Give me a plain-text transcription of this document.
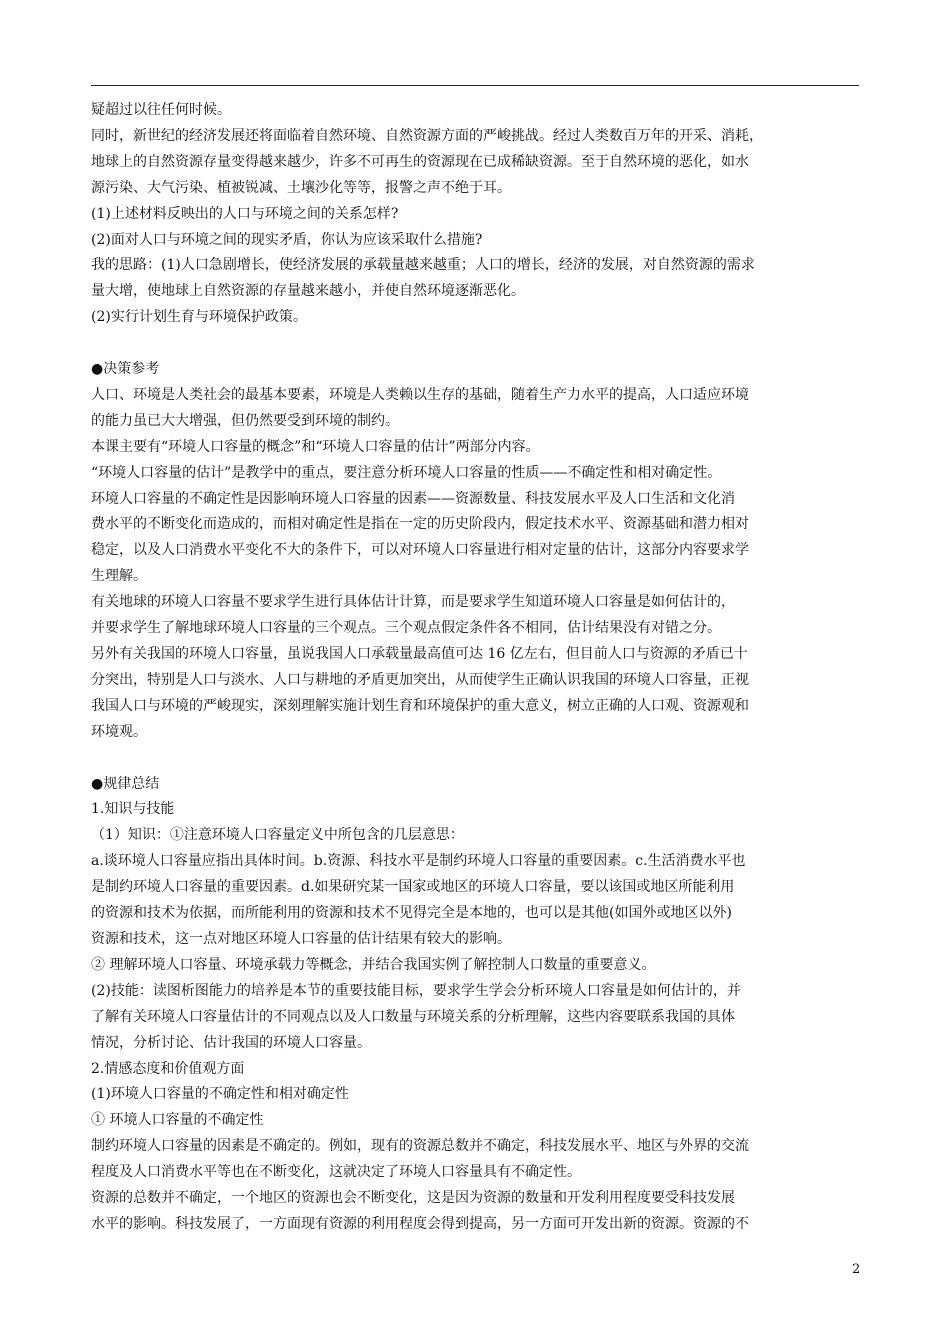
疑超过以往任何时候。

同时，新世纪的经济发展还将面临着自然环境、自然资源方面的严峻挑战。经过人类数百万年的开采、消耗，
地球上的自然资源存量变得越来越少，许多不可再生的资源现在已成稀缺资源。至于自然环境的恶化，如水
源污染、大气污染、植被锐减、土壤沙化等等，报警之声不绝于耳。

(1)上述材料反映出的人口与环境之间的关系怎样?

(2)面对人口与环境之间的现实矛盾，你认为应该采取什么措施?

我的思路：(1)人口急剧增长，使经济发展的承载量越来越重；人口的增长，经济的发展，对自然资源的需求
量大增，使地球上自然资源的存量越来越小，并使自然环境逐渐恶化。

(2)实行计划生育与环境保护政策。

●决策参考

人口、环境是人类社会的最基本要素，环境是人类赖以生存的基础，随着生产力水平的提高，人口适应环境
的能力虽已大大增强，但仍然要受到环境的制约。

本课主要有“环境人口容量的概念”和“环境人口容量的估计”两部分内容。

“环境人口容量的估计”是教学中的重点，要注意分析环境人口容量的性质——不确定性和相对确定性。

环境人口容量的不确定性是因影响环境人口容量的因素——资源数量、科技发展水平及人口生活和文化消
费水平的不断变化而造成的，而相对确定性是指在一定的历史阶段内，假定技术水平、资源基础和潜力相对
稳定，以及人口消费水平变化不大的条件下，可以对环境人口容量进行相对定量的估计，这部分内容要求学
生理解。

有关地球的环境人口容量不要求学生进行具体估计计算，而是要求学生知道环境人口容量是如何估计的，
并要求学生了解地球环境人口容量的三个观点。三个观点假定条件各不相同，估计结果没有对错之分。

另外有关我国的环境人口容量，虽说我国人口承载量最高值可达 16 亿左右，但目前人口与资源的矛盾已十
分突出，特别是人口与淡水、人口与耕地的矛盾更加突出，从而使学生正确认识我国的环境人口容量，正视
我国人口与环境的严峻现实，深刻理解实施计划生育和环境保护的重大意义，树立正确的人口观、资源观和
环境观。

●规律总结

1.知识与技能

（1）知识：①注意环境人口容量定义中所包含的几层意思：

a.谈环境人口容量应指出具体时间。b.资源、科技水平是制约环境人口容量的重要因素。c.生活消费水平也
是制约环境人口容量的重要因素。d.如果研究某一国家或地区的环境人口容量，要以该国或地区所能利用
的资源和技术为依据，而所能利用的资源和技术不见得完全是本地的，也可以是其他(如国外或地区以外)
资源和技术，这一点对地区环境人口容量的估计结果有较大的影响。

② 理解环境人口容量、环境承载力等概念，并结合我国实例了解控制人口数量的重要意义。

(2)技能：读图析图能力的培养是本节的重要技能目标，要求学生学会分析环境人口容量是如何估计的，并
了解有关环境人口容量估计的不同观点以及人口数量与环境关系的分析理解，这些内容要联系我国的具体
情况，分析讨论、估计我国的环境人口容量。

2.情感态度和价值观方面

(1)环境人口容量的不确定性和相对确定性

① 环境人口容量的不确定性

制约环境人口容量的因素是不确定的。例如，现有的资源总数并不确定，科技发展水平、地区与外界的交流
程度及人口消费水平等也在不断变化，这就决定了环境人口容量具有不确定性。

资源的总数并不确定，一个地区的资源也会不断变化，这是因为资源的数量和开发利用程度要受科技发展
水平的影响。科技发展了，一方面现有资源的利用程度会得到提高，另一方面可开发出新的资源。资源的不

2
